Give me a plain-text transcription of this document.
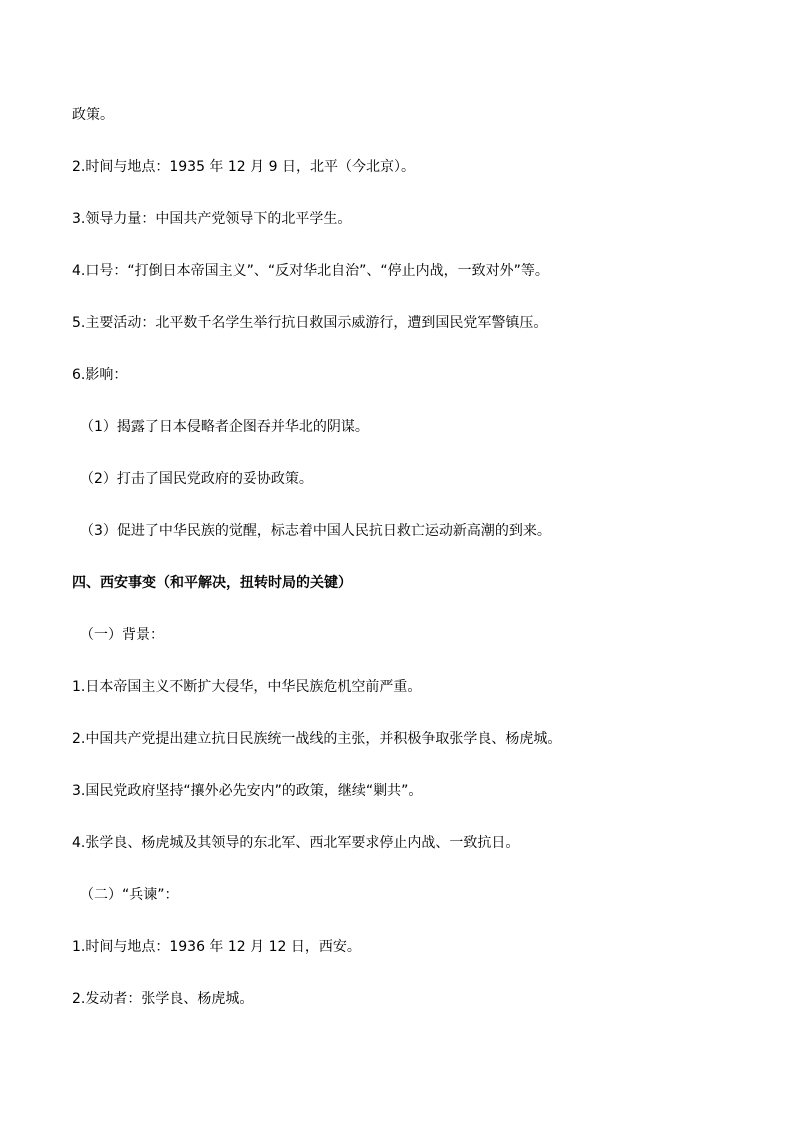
政策。
2.时间与地点：1935 年 12 月 9 日，北平（今北京）。
3.领导力量：中国共产党领导下的北平学生。
4.口号：“打倒日本帝国主义”、“反对华北自治”、“停止内战，一致对外”等。
5.主要活动：北平数千名学生举行抗日救国示威游行，遭到国民党军警镇压。
6.影响：
（1）揭露了日本侵略者企图吞并华北的阴谋。
（2）打击了国民党政府的妥协政策。
（3）促进了中华民族的觉醒，标志着中国人民抗日救亡运动新高潮的到来。
四、西安事变（和平解决，扭转时局的关键）
（一）背景：
1.日本帝国主义不断扩大侵华，中华民族危机空前严重。
2.中国共产党提出建立抗日民族统一战线的主张，并积极争取张学良、杨虎城。
3.国民党政府坚持“攘外必先安内”的政策，继续“剿共”。
4.张学良、杨虎城及其领导的东北军、西北军要求停止内战、一致抗日。
（二）“兵谏”：
1.时间与地点：1936 年 12 月 12 日，西安。
2.发动者：张学良、杨虎城。
